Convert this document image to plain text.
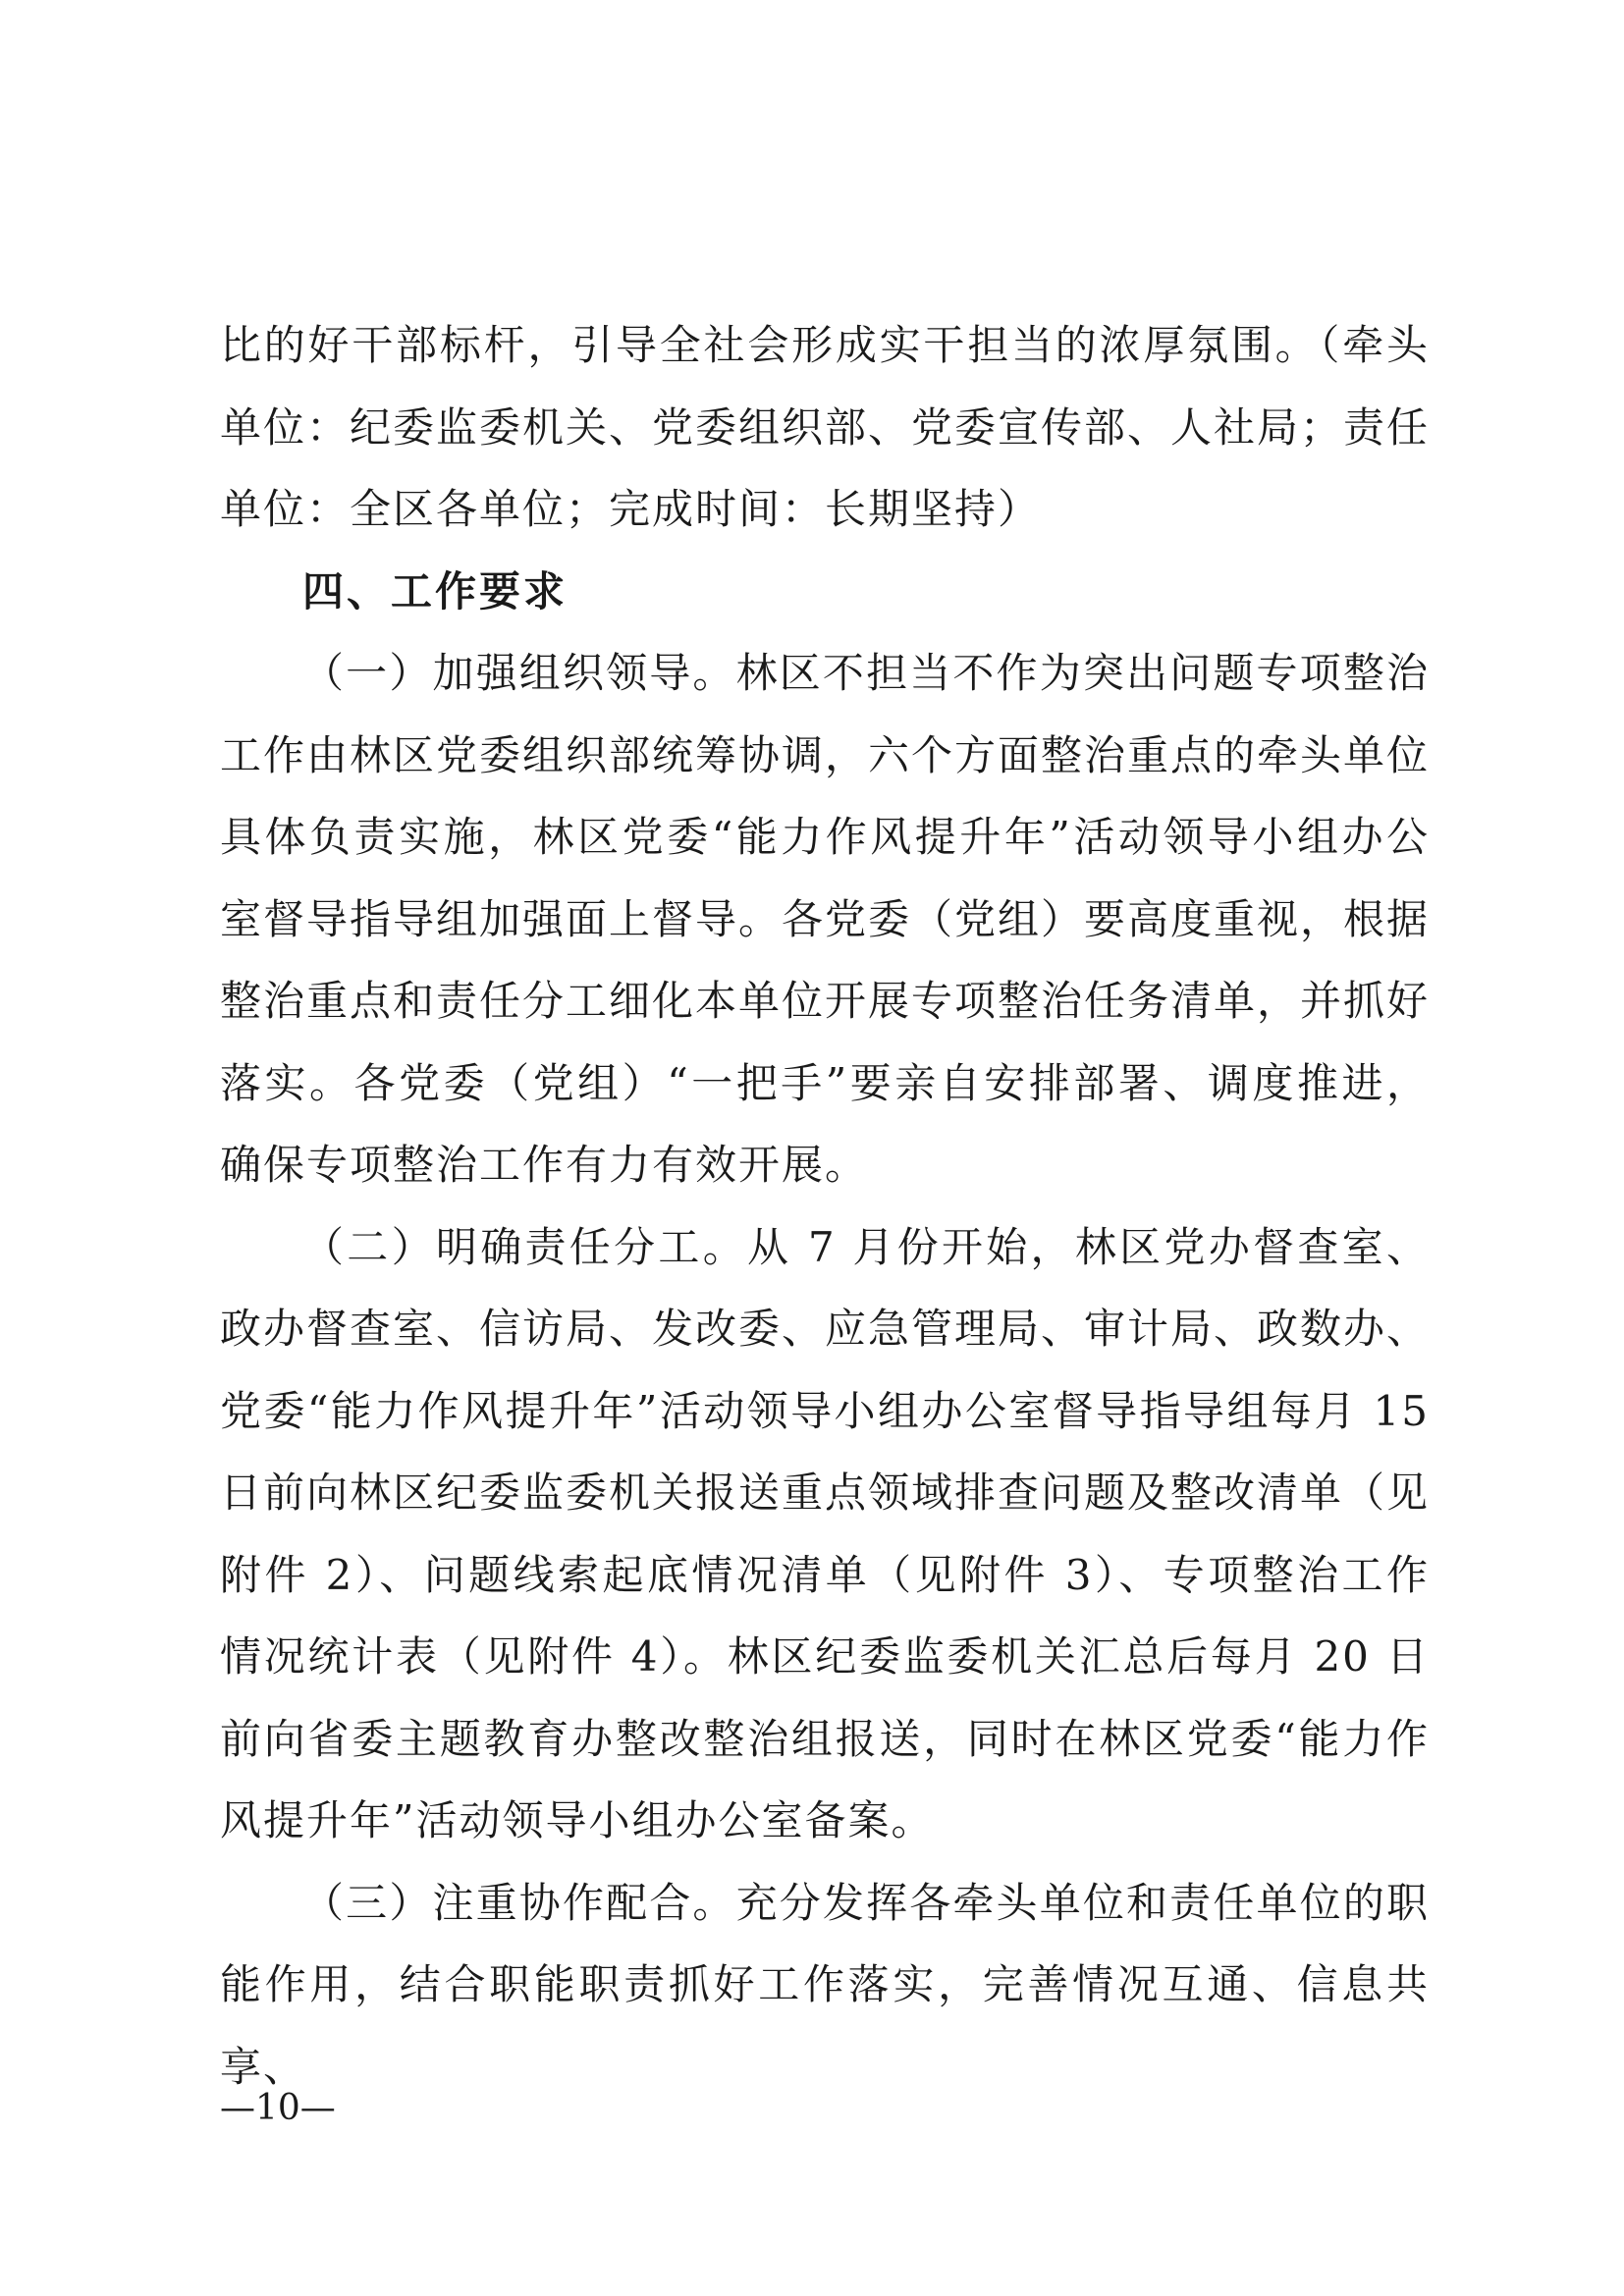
比的好干部标杆，引导全社会形成实干担当的浓厚氛围。（牵头单位：纪委监委机关、党委组织部、党委宣传部、人社局；责任单位：全区各单位；完成时间：长期坚持）

四、工作要求

（一）加强组织领导。林区不担当不作为突出问题专项整治工作由林区党委组织部统筹协调，六个方面整治重点的牵头单位具体负责实施，林区党委“能力作风提升年”活动领导小组办公室督导指导组加强面上督导。各党委（党组）要高度重视，根据整治重点和责任分工细化本单位开展专项整治任务清单，并抓好落实。各党委（党组）“一把手”要亲自安排部署、调度推进，确保专项整治工作有力有效开展。

（二）明确责任分工。从 7 月份开始，林区党办督查室、政办督查室、信访局、发改委、应急管理局、审计局、政数办、党委“能力作风提升年”活动领导小组办公室督导指导组每月 15 日前向林区纪委监委机关报送重点领域排查问题及整改清单（见附件 2）、问题线索起底情况清单（见附件 3）、专项整治工作情况统计表（见附件 4）。林区纪委监委机关汇总后每月 20 日前向省委主题教育办整改整治组报送，同时在林区党委“能力作风提升年”活动领导小组办公室备案。

（三）注重协作配合。充分发挥各牵头单位和责任单位的职能作用，结合职能职责抓好工作落实，完善情况互通、信息共享、

—10—
